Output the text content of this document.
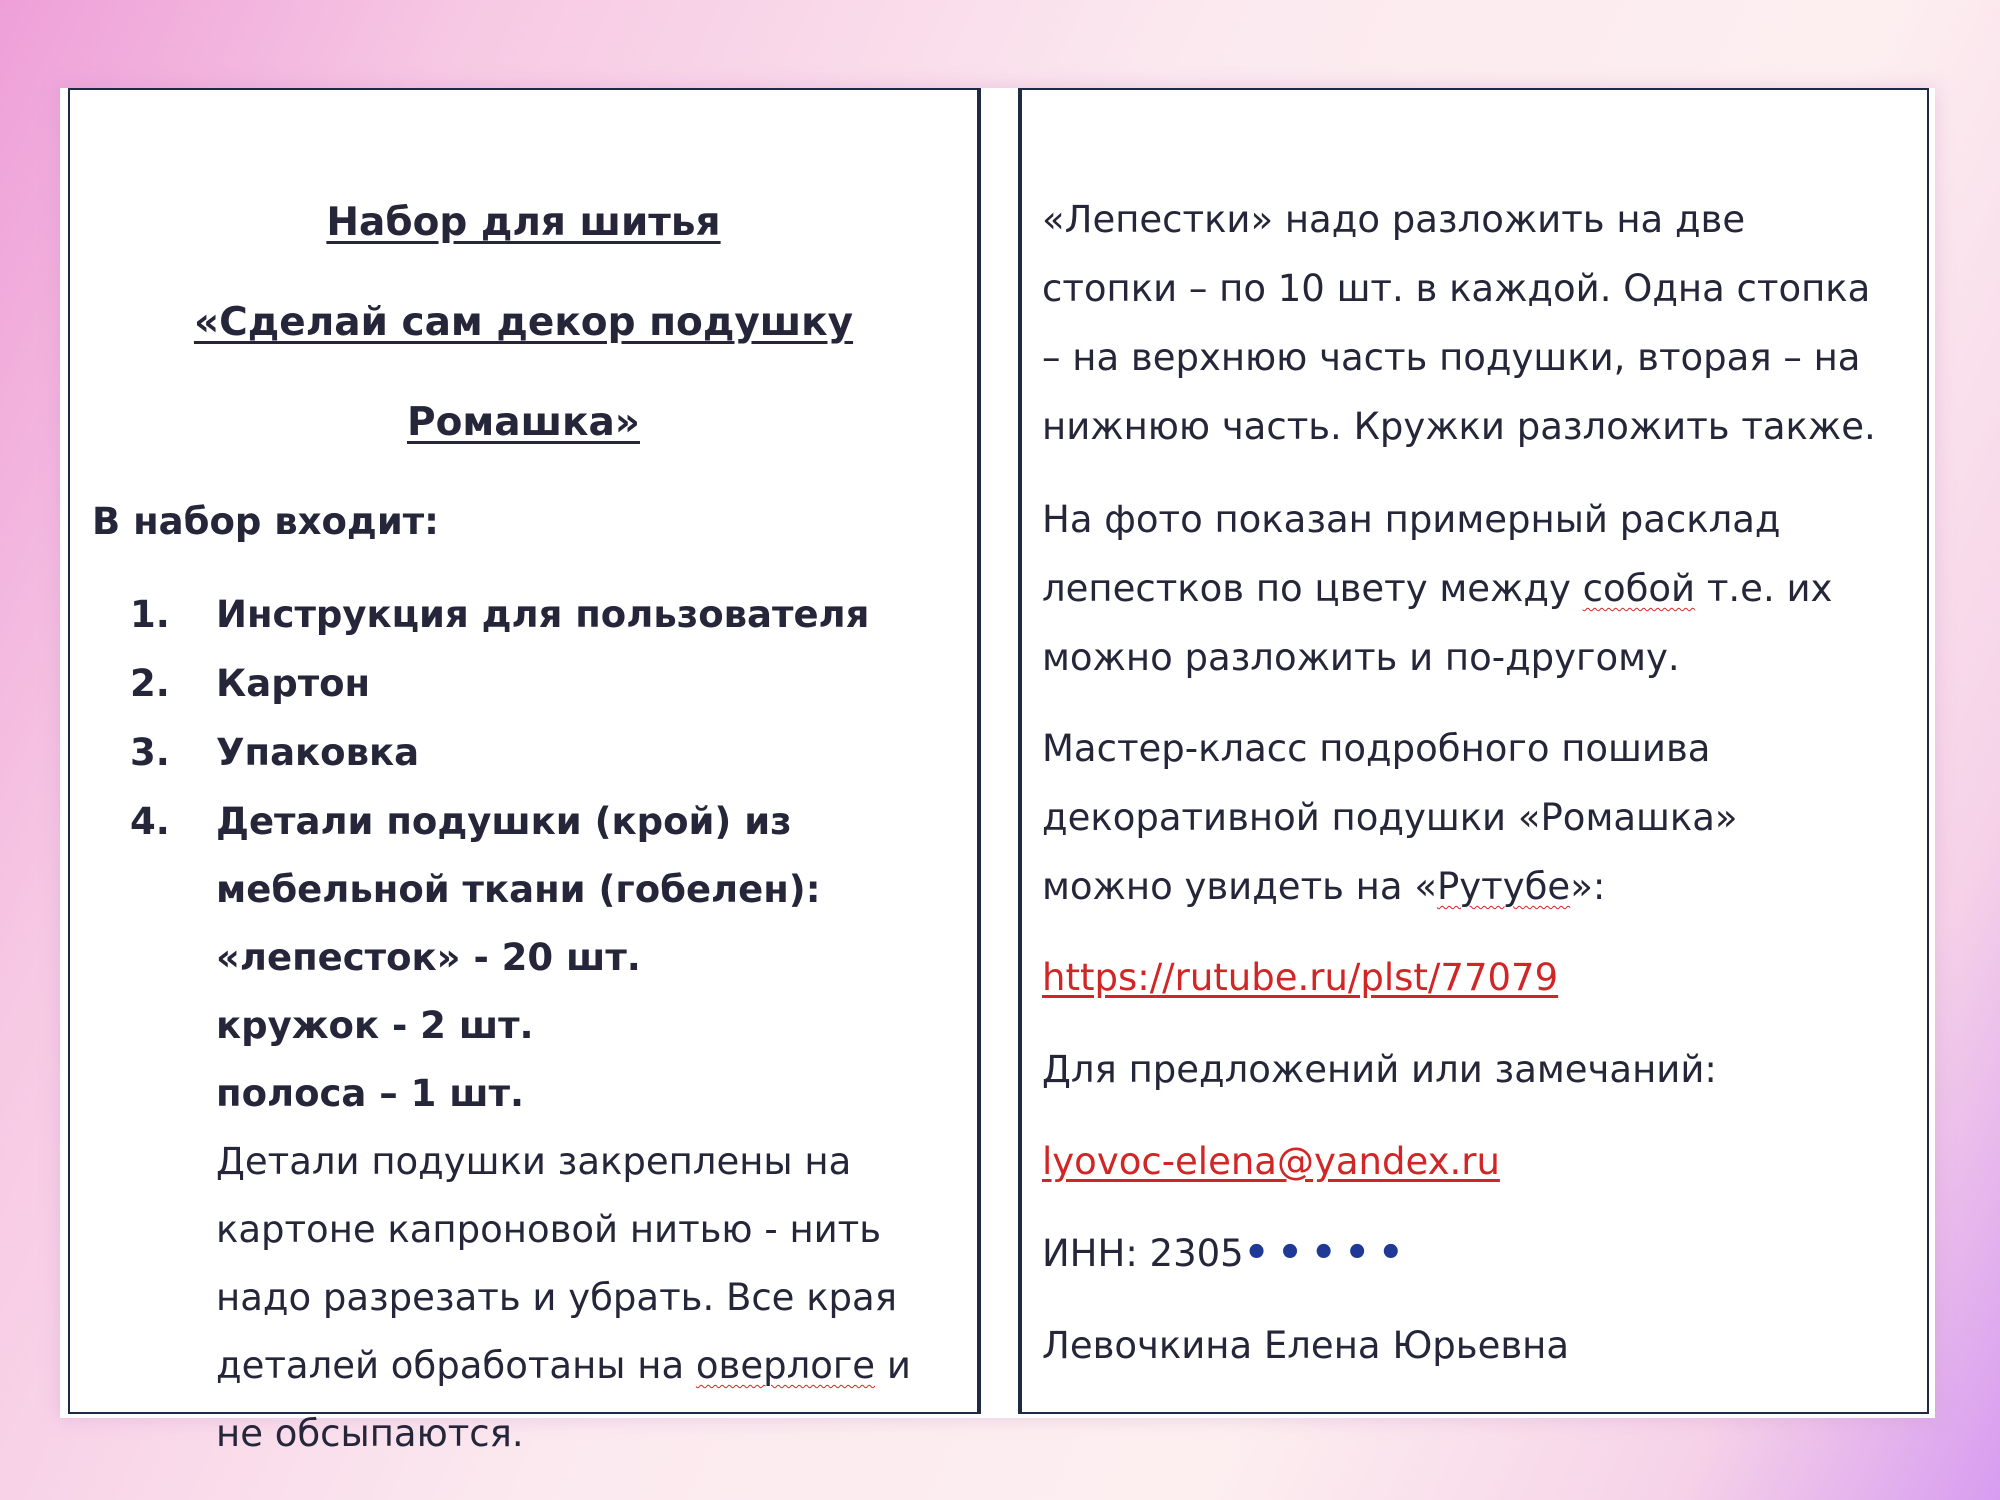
Набор для шитья

«Сделай сам декор подушку

Ромашка»

В набор входит:

1.	Инструкция для пользователя
2.	Картон
3.	Упаковка
4.	Детали подушки (крой) из
мебельной ткани (гобелен):
«лепесток» - 20 шт.
кружок - 2 шт.
полоса – 1 шт.
Детали подушки закреплены на
картоне капроновой нитью - нить
надо разрезать и убрать. Все края
деталей обработаны на оверлоге и
не обсыпаются.

«Лепестки» надо разложить на две

стопки – по 10 шт. в каждой. Одна стопка

– на верхнюю часть подушки, вторая – на

нижнюю часть. Кружки разложить также.

На фото показан примерный расклад

лепестков по цвету между собой т.е. их

можно разложить и по-другому.

Мастер-класс подробного пошива

декоративной подушки «Ромашка»

можно увидеть на «Рутубе»:

https://rutube.ru/plst/77079

Для предложений или замечаний:

lyovoc-elena@yandex.ru

ИНН: 2305•••••

Левочкина Елена Юрьевна
